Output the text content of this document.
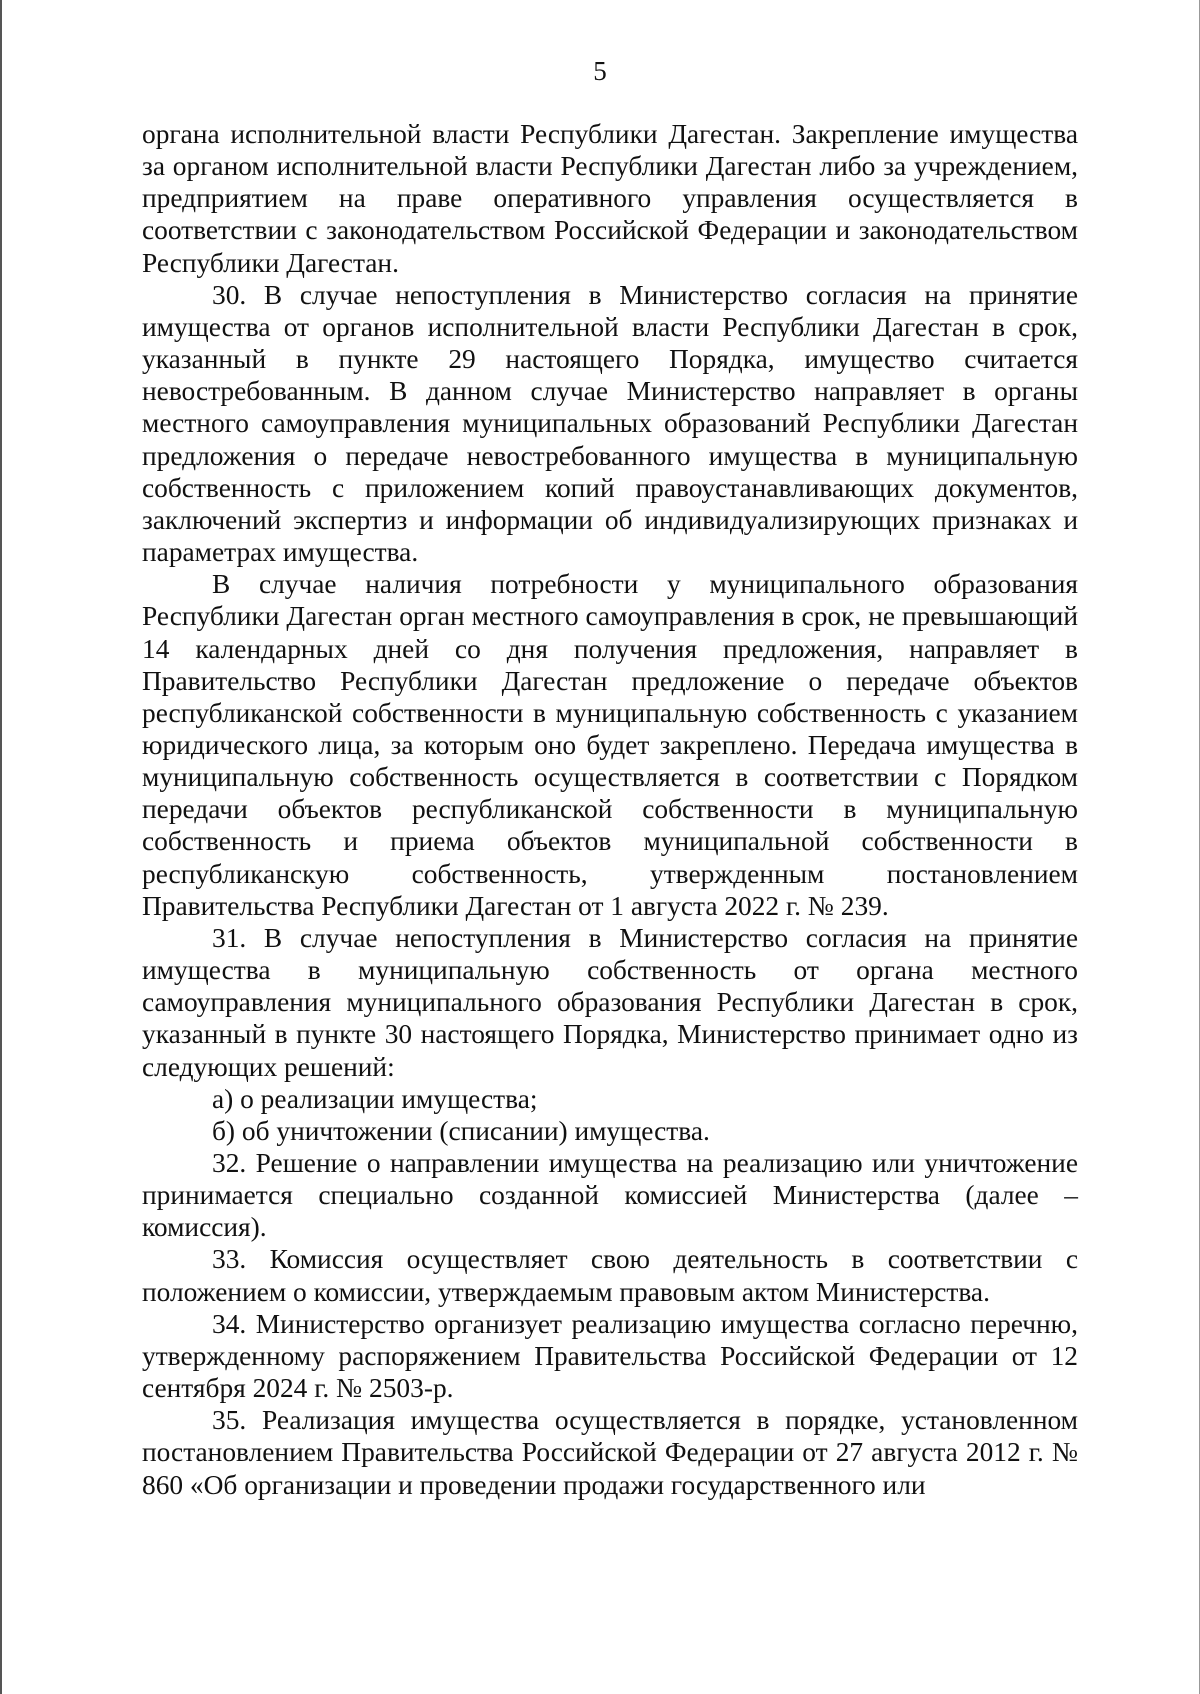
5

органа исполнительной власти Республики Дагестан. Закрепление имущества за органом исполнительной власти Республики Дагестан либо за учреждением, предприятием на праве оперативного управления осуществляется в соответствии с законодательством Российской Федерации и законодательством Республики Дагестан.

30. В случае непоступления в Министерство согласия на принятие имущества от органов исполнительной власти Республики Дагестан в срок, указанный в пункте 29 настоящего Порядка, имущество считается невостребованным. В данном случае Министерство направляет в органы местного самоуправления муниципальных образований Республики Дагестан предложения о передаче невостребованного имущества в муниципальную собственность с приложением копий правоустанавливающих документов, заключений экспертиз и информации об индивидуализирующих признаках и параметрах имущества.

В случае наличия потребности у муниципального образования Республики Дагестан орган местного самоуправления в срок, не превышающий 14 календарных дней со дня получения предложения, направляет в Правительство Республики Дагестан предложение о передаче объектов республиканской собственности в муниципальную собственность с указанием юридического лица, за которым оно будет закреплено. Передача имущества в муниципальную собственность осуществляется в соответствии с Порядком передачи объектов республиканской собственности в муниципальную собственность и приема объектов муниципальной собственности в республиканскую собственность, утвержденным постановлением Правительства Республики Дагестан от 1 августа 2022 г. № 239.

31. В случае непоступления в Министерство согласия на принятие имущества в муниципальную собственность от органа местного самоуправления муниципального образования Республики Дагестан в срок, указанный в пункте 30 настоящего Порядка, Министерство принимает одно из следующих решений:

а) о реализации имущества;

б) об уничтожении (списании) имущества.

32. Решение о направлении имущества на реализацию или уничтожение принимается специально созданной комиссией Министерства (далее – комиссия).

33. Комиссия осуществляет свою деятельность в соответствии с положением о комиссии, утверждаемым правовым актом Министерства.

34. Министерство организует реализацию имущества согласно перечню, утвержденному распоряжением Правительства Российской Федерации от 12 сентября 2024 г. № 2503-р.

35. Реализация имущества осуществляется в порядке, установленном постановлением Правительства Российской Федерации от 27 августа 2012 г. № 860 «Об организации и проведении продажи государственного или
